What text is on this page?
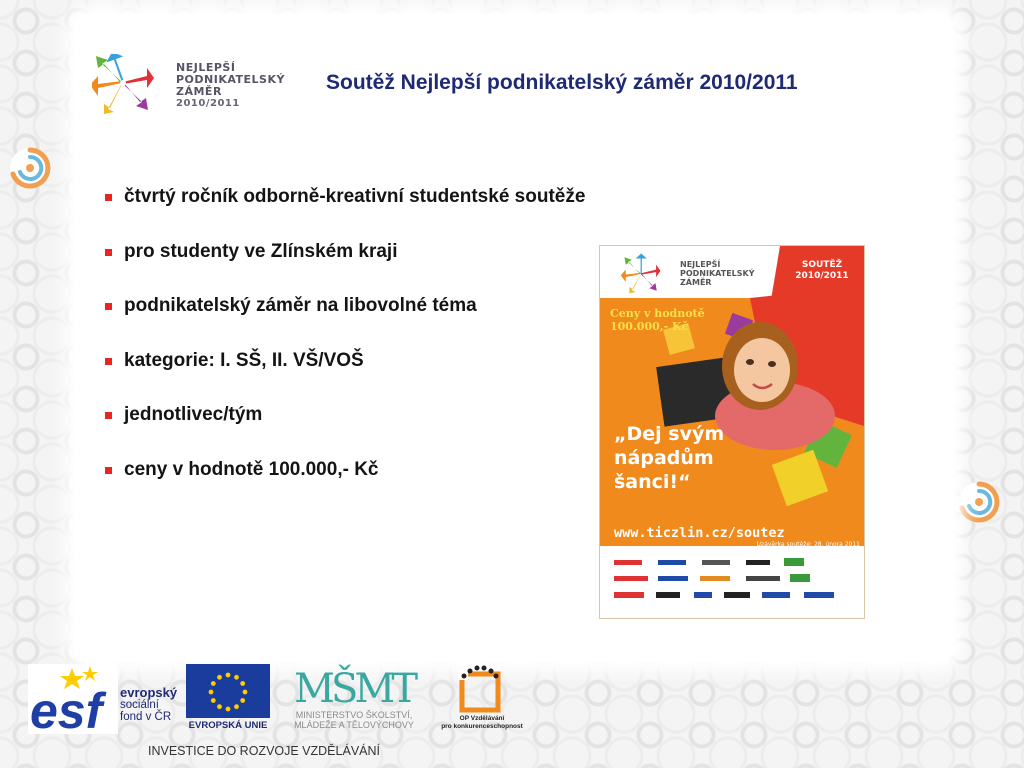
NEJLEPŠÍ
PODNIKATELSKÝ
ZÁMĚR
2010/2011
Soutěž Nejlepší podnikatelský záměr 2010/2011
čtvrtý ročník odborně-kreativní studentské soutěže
pro studenty ve Zlínském kraji
podnikatelský záměr na libovolné téma
kategorie: I. SŠ, II. VŠ/VOŠ
jednotlivec/tým
ceny v hodnotě 100.000,- Kč
NEJLEPŠÍ
PODNIKATELSKÝ
ZÁMĚR
SOUTĚŽ
2010/2011
Ceny v hodnotě
100.000,- Kč
„Dej svým
nápadům
šanci!“
www.ticzlin.cz/soutez
Uzávěrka soutěže: 28. února 2011
esf	evropský
sociální
fond v ČR
EVROPSKÁ UNIE
MŠMT
MINISTERSTVO ŠKOLSTVÍ,
MLÁDEŽE A TĚLOVÝCHOVY
OP Vzdělávání
pro konkurenceschopnost
INVESTICE DO ROZVOJE VZDĚLÁVÁNÍ
